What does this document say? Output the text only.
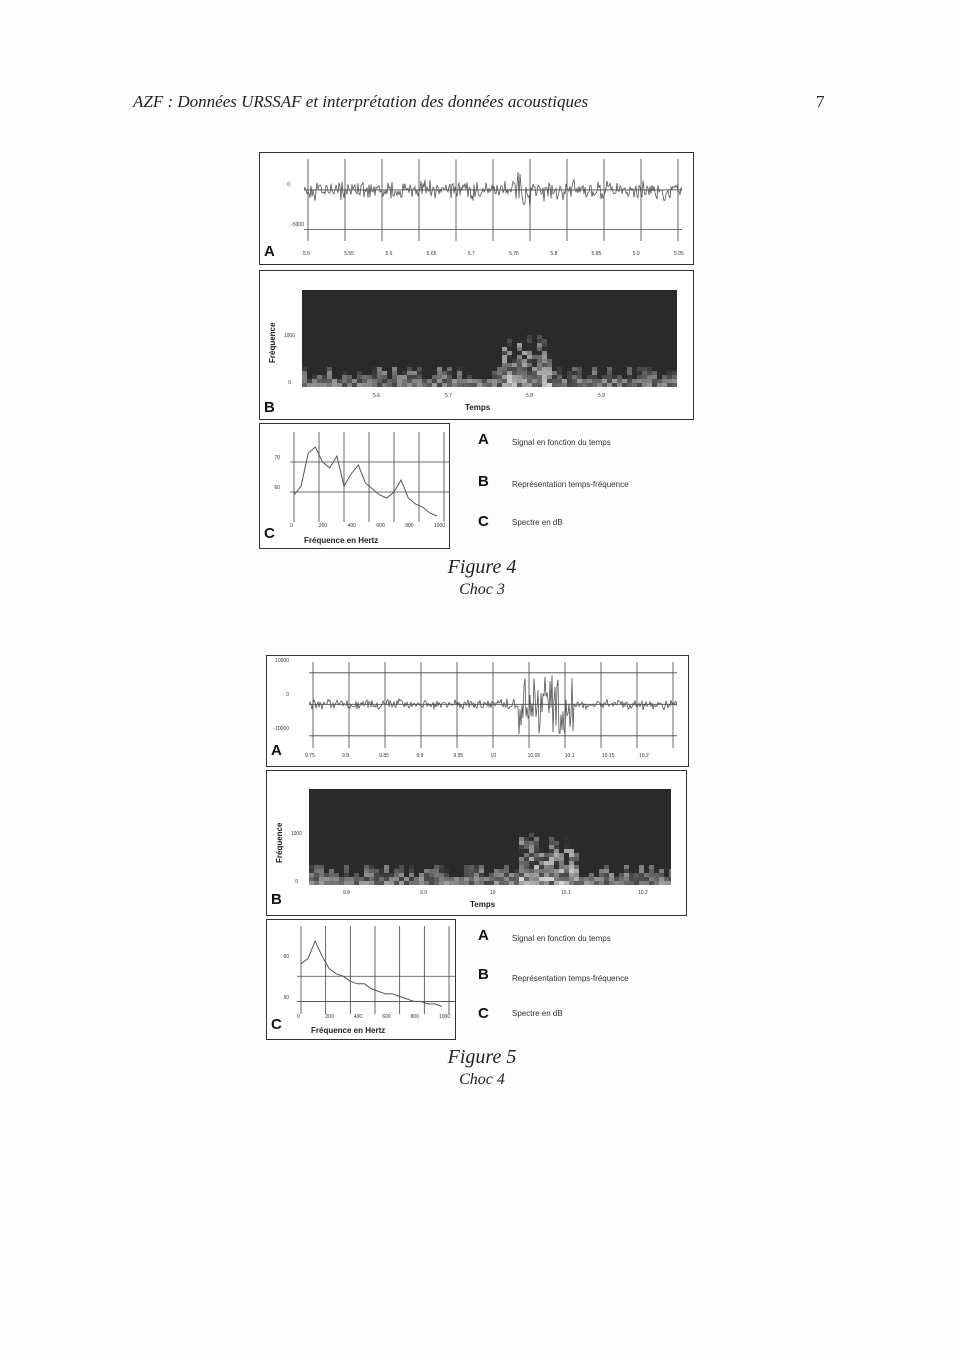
AZF : Données URSSAF et interprétation des données acoustiques	7
0
-5000
A	5.5	5.55	5.6	5.65	5.7	5.75	5.8	5.85	5.9	5.95
Fréquence	1000
0
5.6	5.7	5.8	5.9
Temps
B
70
60
Fréquence en Hertz
C	0	200	400	600	800	1000
A	Signal en fonction du temps
B	Représentation temps-fréquence
C	Spectre en dB
Figure 4
Choc 3
10000
0
-10000
A	9.75	9.8	9.85	9.9	9.95	10	10.05	10.1	10.15	10.2
Fréquence	1000
0
9.8	9.9	10	10.1	10.2
Temps
B
60
50
Fréquence en Hertz
C	0	200	400	600	800	1000
A	Signal en fonction du temps
B	Représentation temps-fréquence
C	Spectre en dB
Figure 5
Choc 4
